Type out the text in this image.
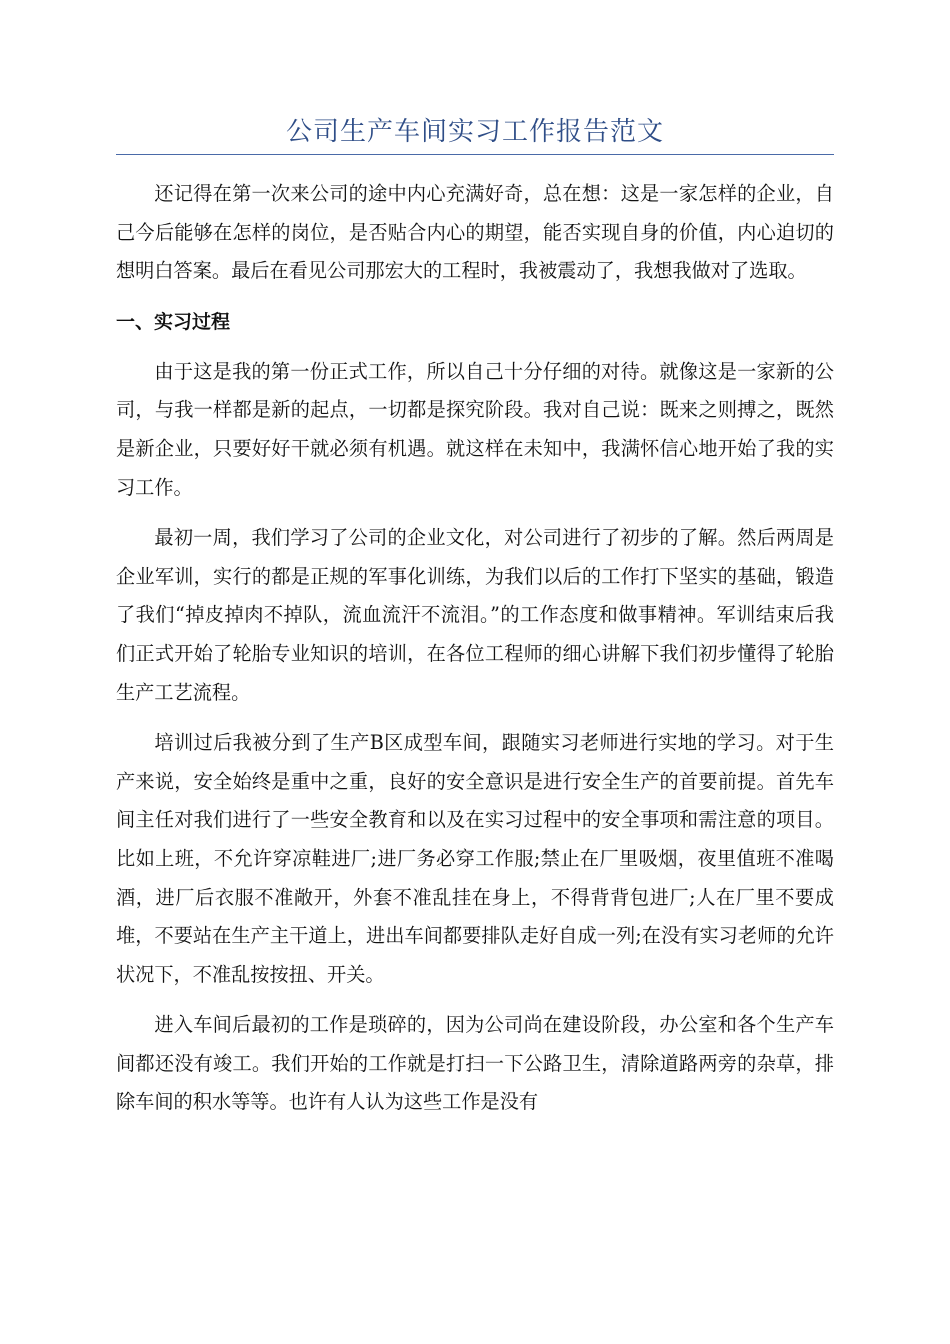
公司生产车间实习工作报告范文

还记得在第一次来公司的途中内心充满好奇，总在想：这是一家怎样的企业，自己今后能够在怎样的岗位，是否贴合内心的期望，能否实现自身的价值，内心迫切的想明白答案。最后在看见公司那宏大的工程时，我被震动了，我想我做对了选取。

一、实习过程

由于这是我的第一份正式工作，所以自己十分仔细的对待。就像这是一家新的公司，与我一样都是新的起点，一切都是探究阶段。我对自己说：既来之则搏之，既然是新企业，只要好好干就必须有机遇。就这样在未知中，我满怀信心地开始了我的实习工作。

最初一周，我们学习了公司的企业文化，对公司进行了初步的了解。然后两周是企业军训，实行的都是正规的军事化训练，为我们以后的工作打下坚实的基础，锻造了我们“掉皮掉肉不掉队，流血流汗不流泪。”的工作态度和做事精神。军训结束后我们正式开始了轮胎专业知识的培训，在各位工程师的细心讲解下我们初步懂得了轮胎生产工艺流程。

培训过后我被分到了生产B区成型车间，跟随实习老师进行实地的学习。对于生产来说，安全始终是重中之重，良好的安全意识是进行安全生产的首要前提。首先车间主任对我们进行了一些安全教育和以及在实习过程中的安全事项和需注意的项目。比如上班，不允许穿凉鞋进厂;进厂务必穿工作服;禁止在厂里吸烟，夜里值班不准喝酒，进厂后衣服不准敞开，外套不准乱挂在身上，不得背背包进厂;人在厂里不要成堆，不要站在生产主干道上，进出车间都要排队走好自成一列;在没有实习老师的允许状况下，不准乱按按扭、开关。

进入车间后最初的工作是琐碎的，因为公司尚在建设阶段，办公室和各个生产车间都还没有竣工。我们开始的工作就是打扫一下公路卫生，清除道路两旁的杂草，排除车间的积水等等。也许有人认为这些工作是没有
